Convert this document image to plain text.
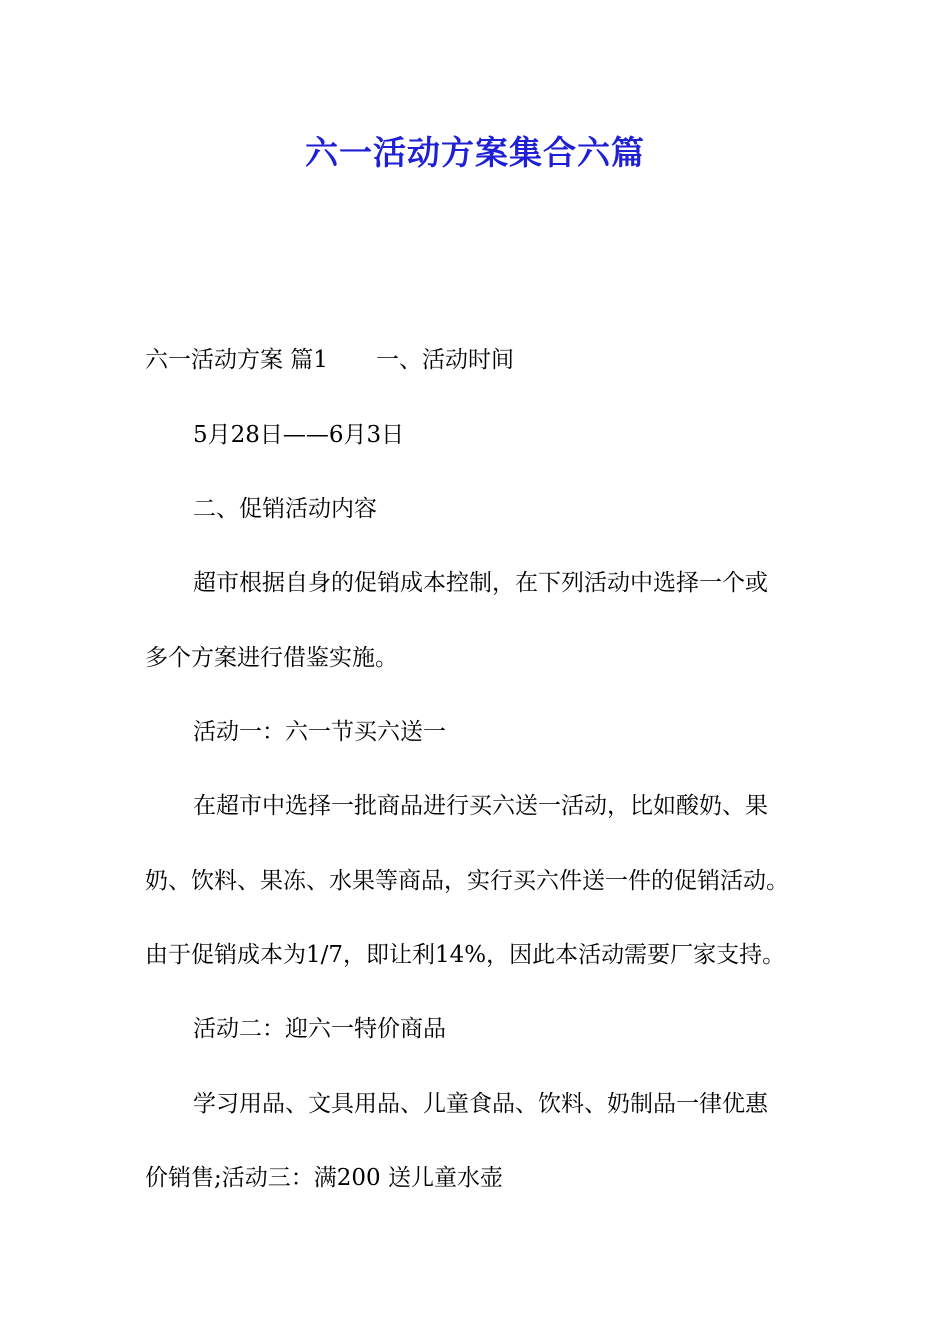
六一活动方案集合六篇

六一活动方案 篇1 一、活动时间

5月28日——6月3日

二、促销活动内容

超市根据自身的促销成本控制，在下列活动中选择一个或

多个方案进行借鉴实施。

活动一：六一节买六送一

在超市中选择一批商品进行买六送一活动，比如酸奶、果

奶、饮料、果冻、水果等商品，实行买六件送一件的促销活动。

由于促销成本为1/7，即让利14%，因此本活动需要厂家支持。

活动二：迎六一特价商品

学习用品、文具用品、儿童食品、饮料、奶制品一律优惠

价销售;活动三：满200 送儿童水壶
